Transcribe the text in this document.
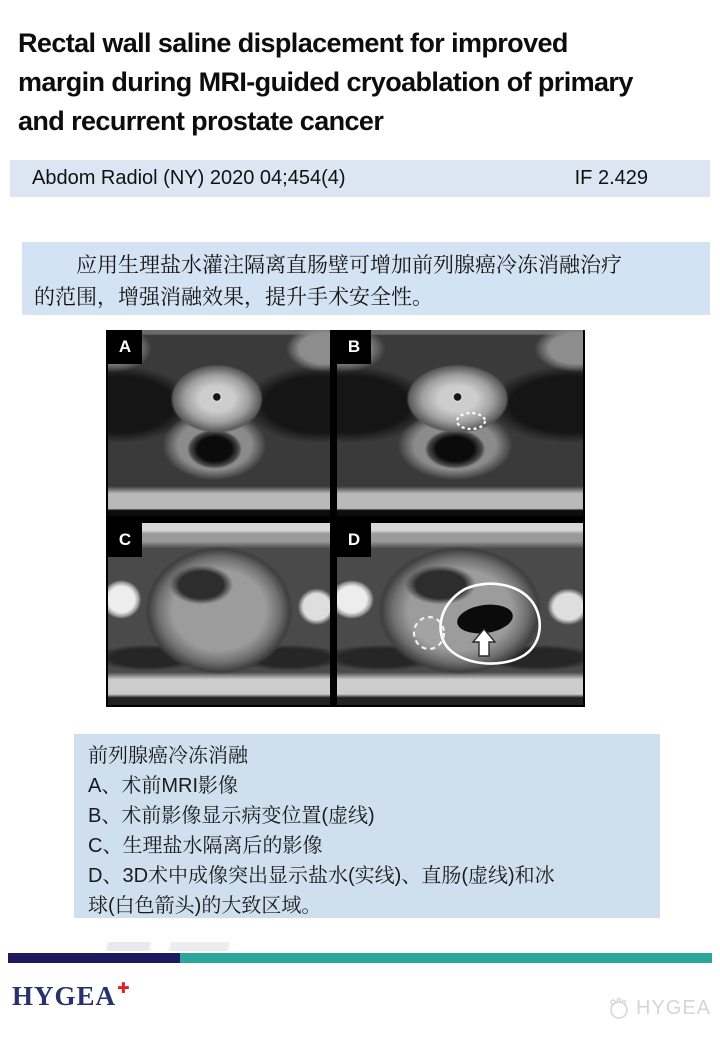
Rectal wall saline displacement for improved
margin during MRI-guided cryoablation of primary
and recurrent prostate cancer
Abdom Radiol (NY) 2020 04;454(4)	IF 2.429
应用生理盐水灌注隔离直肠壁可增加前列腺癌冷冻消融治疗
的范围，增强消融效果，提升手术安全性。
A	B
C	D
前列腺癌冷冻消融
A、术前MRI影像
B、术前影像显示病变位置(虚线)
C、生理盐水隔离后的影像
D、3D术中成像突出显示盐水(实线)、直肠(虚线)和冰
球(白色箭头)的大致区域。
HYGEA✚
HYGEA
